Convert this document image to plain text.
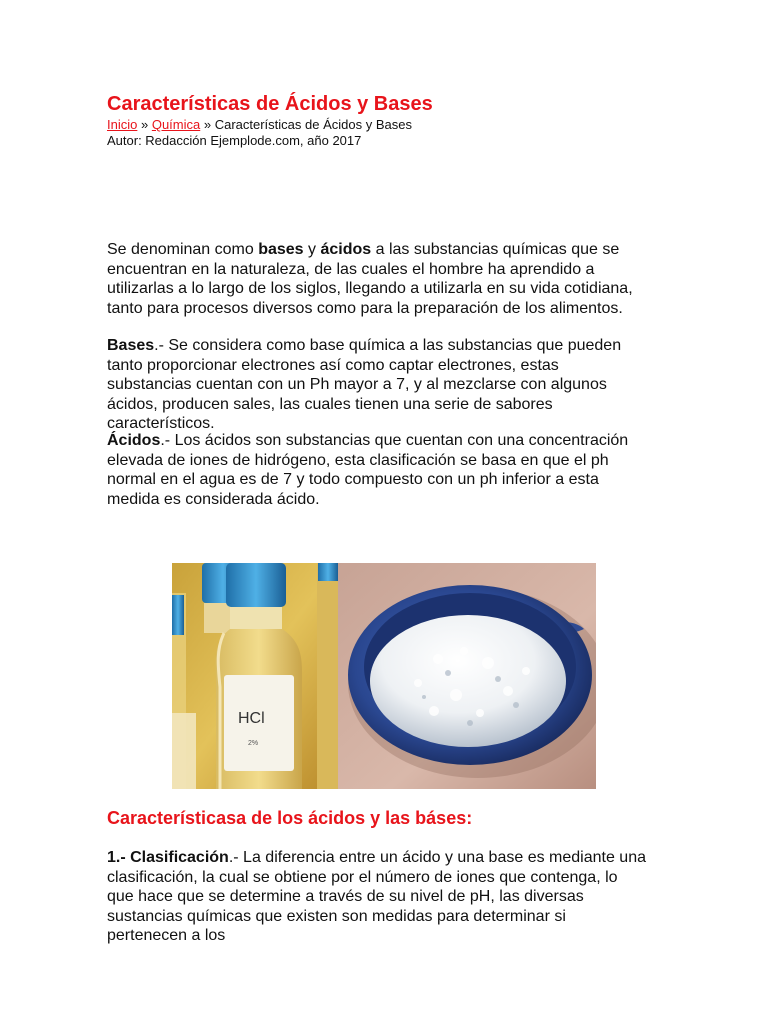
Características de Ácidos y Bases
Inicio » Química » Características de Ácidos y Bases
Autor: Redacción Ejemplode.com, año 2017

Se denominan como bases y ácidos a las substancias químicas que se encuentran en la naturaleza, de las cuales el hombre ha aprendido a utilizarlas a lo largo de los siglos, llegando a utilizarla en su vida cotidiana, tanto para procesos diversos como para la preparación de los alimentos.

Bases.- Se considera como base química a las substancias que pueden tanto proporcionar electrones así como captar electrones, estas substancias cuentan con un Ph mayor a 7, y al mezclarse con algunos ácidos, producen sales, las cuales tienen una serie de sabores característicos.

Ácidos.- Los ácidos son substancias que cuentan con una concentración elevada de iones de hidrógeno, esta clasificación se basa en que el ph normal en el agua es de 7 y todo compuesto con un ph inferior a esta medida es considerada ácido.

HCl
2%
Característicasa de los ácidos y las báses:

1.- Clasificación.- La diferencia entre un ácido y una base es mediante una clasificación, la cual se obtiene por el número de iones que contenga, lo que hace que se determine a través de su nivel de pH, las diversas sustancias químicas que existen son medidas para determinar si pertenecen a los
